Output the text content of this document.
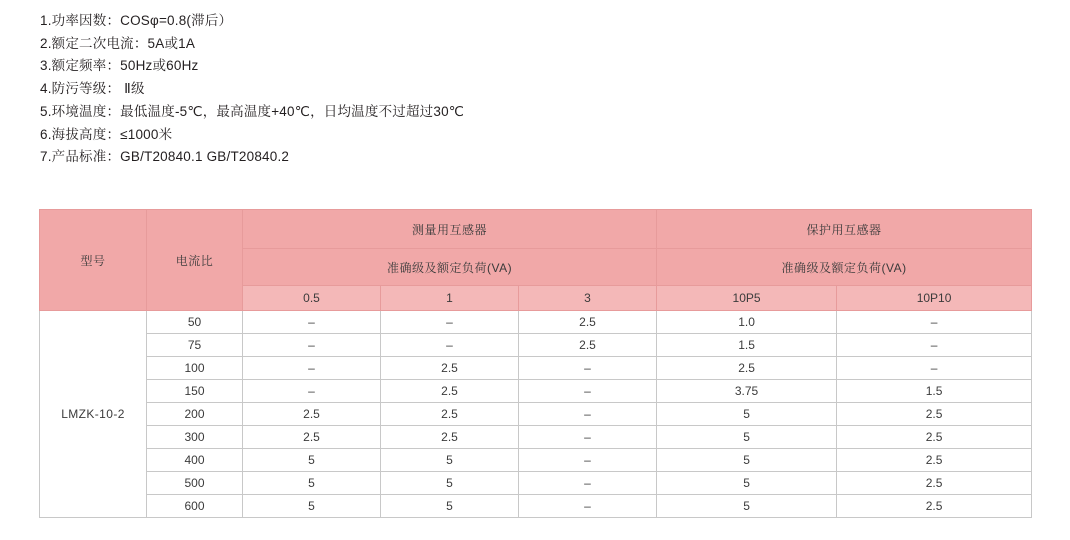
1.功率因数：COSφ=0.8(滞后）
2.额定二次电流：5A或1A
3.额定频率：50Hz或60Hz
4.防污等级： Ⅱ级
5.环境温度：最低温度-5℃，最高温度+40℃，日均温度不过超过30℃
6.海拔高度：≤1000米
7.产品标准：GB/T20840.1 GB/T20840.2
型号	电流比	测量用互感器			保护用互感器	
		准确级及额定负荷(VA)			准确级及额定负荷(VA)	
		0.5	1	3	10P5	10P10
LMZK-10-2	50	–	–	2.5	1.0	–
	75	–	–	2.5	1.5	–
	100	–	2.5	–	2.5	–
	150	–	2.5	–	3.75	1.5
	200	2.5	2.5	–	5	2.5
	300	2.5	2.5	–	5	2.5
	400	5	5	–	5	2.5
	500	5	5	–	5	2.5
	600	5	5	–	5	2.5
